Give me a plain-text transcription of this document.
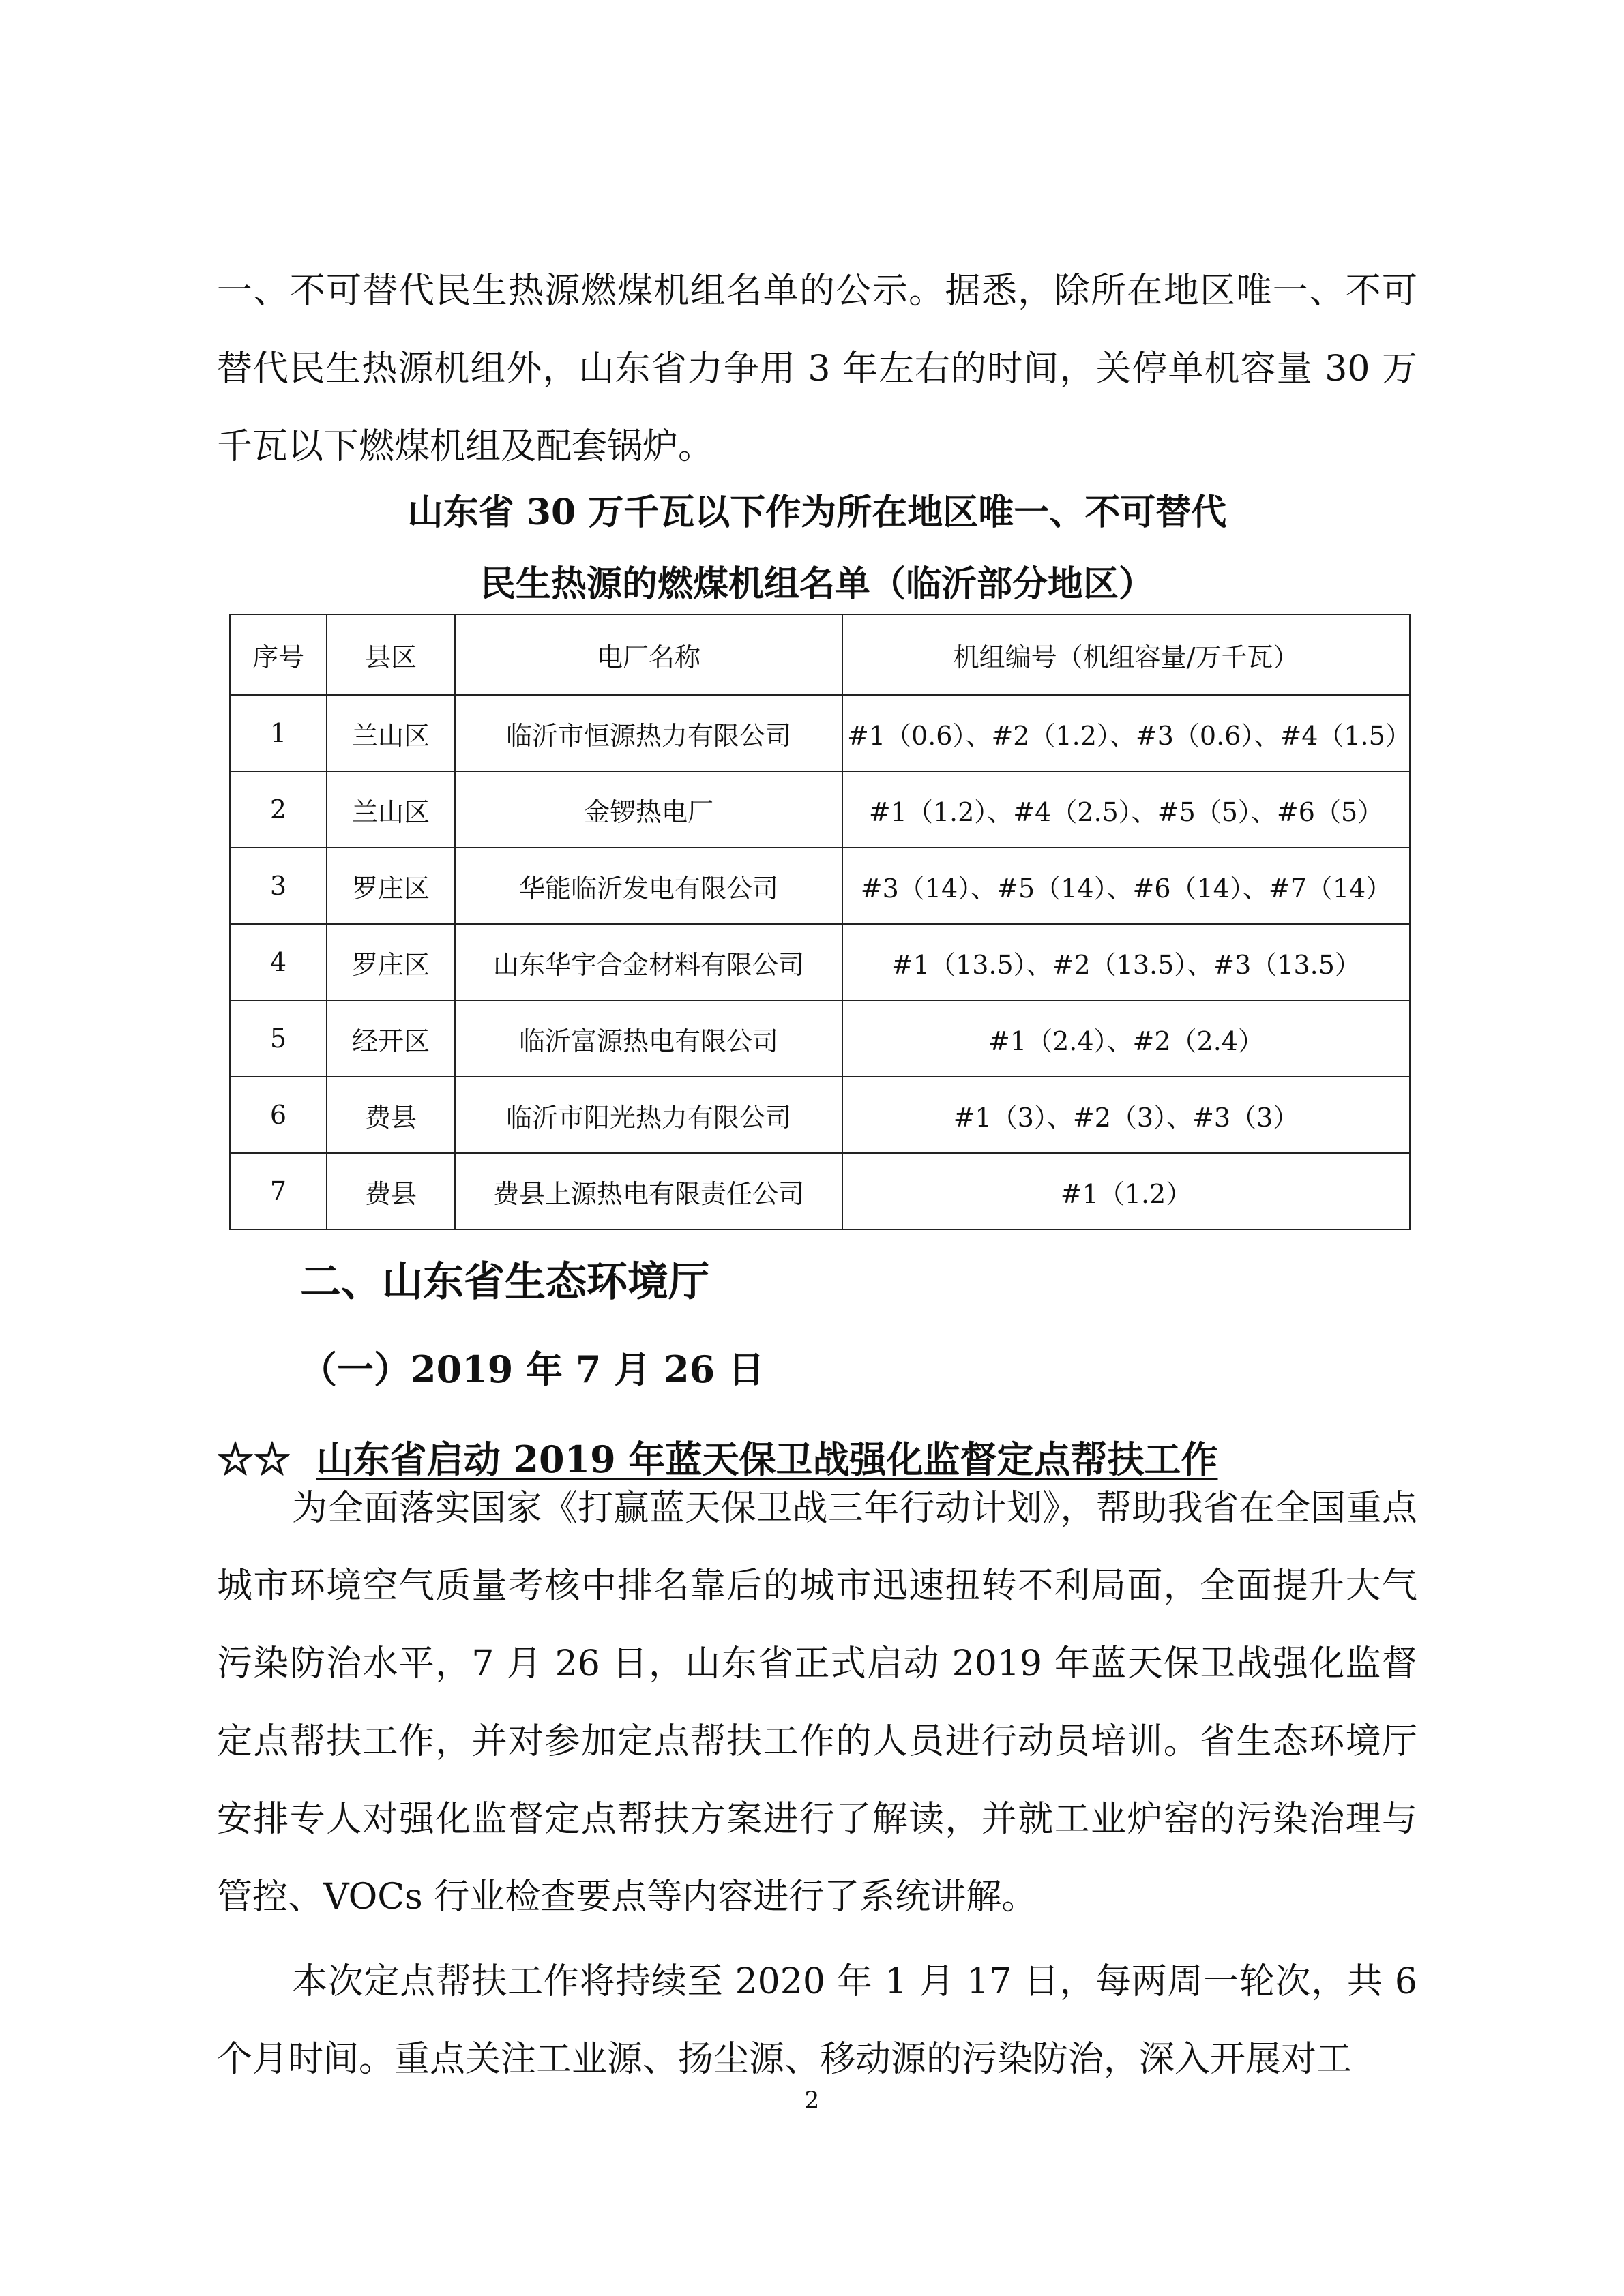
一、不可替代民生热源燃煤机组名单的公示。据悉，除所在地区唯一、不可替代民生热源机组外，山东省力争用 3 年左右的时间，关停单机容量 30 万千瓦以下燃煤机组及配套锅炉。

山东省 30 万千瓦以下作为所在地区唯一、不可替代

民生热源的燃煤机组名单（临沂部分地区）

序号	县区	电厂名称	机组编号（机组容量/万千瓦）
1	兰山区	临沂市恒源热力有限公司	#1（0.6）、#2（1.2）、#3（0.6）、#4（1.5）
2	兰山区	金锣热电厂	#1（1.2）、#4（2.5）、#5（5）、#6（5）
3	罗庄区	华能临沂发电有限公司	#3（14）、#5（14）、#6（14）、#7（14）
4	罗庄区	山东华宇合金材料有限公司	#1（13.5）、#2（13.5）、#3（13.5）
5	经开区	临沂富源热电有限公司	#1（2.4）、#2（2.4）
6	费县	临沂市阳光热力有限公司	#1（3）、#2（3）、#3（3）
7	费县	费县上源热电有限责任公司	#1（1.2）

二、山东省生态环境厅

（一）2019 年 7 月 26 日

☆☆ 山东省启动 2019 年蓝天保卫战强化监督定点帮扶工作

为全面落实国家《打赢蓝天保卫战三年行动计划》，帮助我省在全国重点城市环境空气质量考核中排名靠后的城市迅速扭转不利局面，全面提升大气污染防治水平，7 月 26 日，山东省正式启动 2019 年蓝天保卫战强化监督定点帮扶工作，并对参加定点帮扶工作的人员进行动员培训。省生态环境厅安排专人对强化监督定点帮扶方案进行了解读，并就工业炉窑的污染治理与管控、VOCs 行业检查要点等内容进行了系统讲解。

本次定点帮扶工作将持续至 2020 年 1 月 17 日，每两周一轮次，共 6 个月时间。重点关注工业源、扬尘源、移动源的污染防治，深入开展对工

2
